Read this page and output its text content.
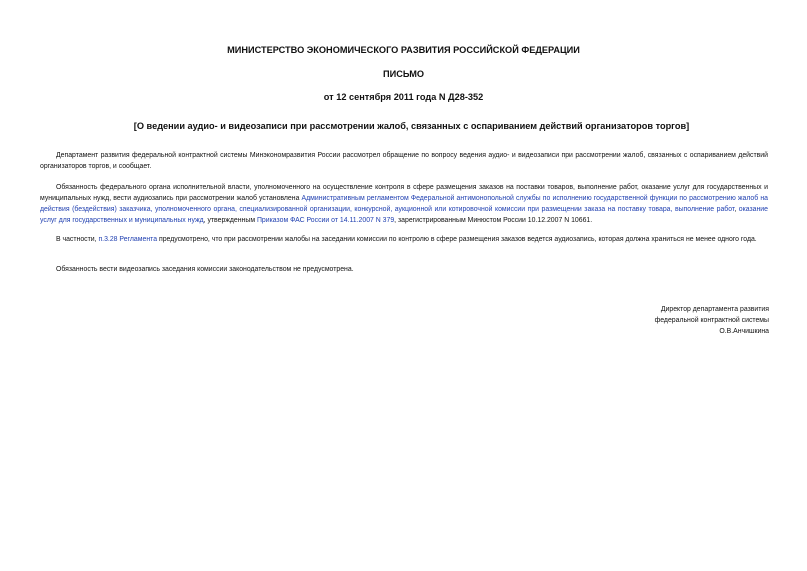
МИНИСТЕРСТВО ЭКОНОМИЧЕСКОГО РАЗВИТИЯ РОССИЙСКОЙ ФЕДЕРАЦИИ
ПИСЬМО
от 12 сентября 2011 года N Д28-352
[О ведении аудио- и видеозаписи при рассмотрении жалоб, связанных с оспариванием действий организаторов торгов]

Департамент развития федеральной контрактной системы Минэкономразвития России рассмотрел обращение по вопросу ведения аудио- и видеозаписи при рассмотрении жалоб, связанных с оспариванием действий организаторов торгов, и сообщает.

Обязанность федерального органа исполнительной власти, уполномоченного на осуществление контроля в сфере размещения заказов на поставки товаров, выполнение работ, оказание услуг для государственных и муниципальных нужд, вести аудиозапись при рассмотрении жалоб установлена Административным регламентом Федеральной антимонопольной службы по исполнению государственной функции по рассмотрению жалоб на действия (бездействия) заказчика, уполномоченного органа, специализированной организации, конкурсной, аукционной или котировочной комиссии при размещении заказа на поставку товара, выполнение работ, оказание услуг для государственных и муниципальных нужд, утвержденным Приказом ФАС России от 14.11.2007 N 379, зарегистрированным Минюстом России 10.12.2007 N 10661.

В частности, п.3.28 Регламента предусмотрено, что при рассмотрении жалобы на заседании комиссии по контролю в сфере размещения заказов ведется аудиозапись, которая должна храниться не менее одного года.

Обязанность вести видеозапись заседания комиссии законодательством не предусмотрена.

Директор департамента развития
федеральной контрактной системы
О.В.Анчишкина
